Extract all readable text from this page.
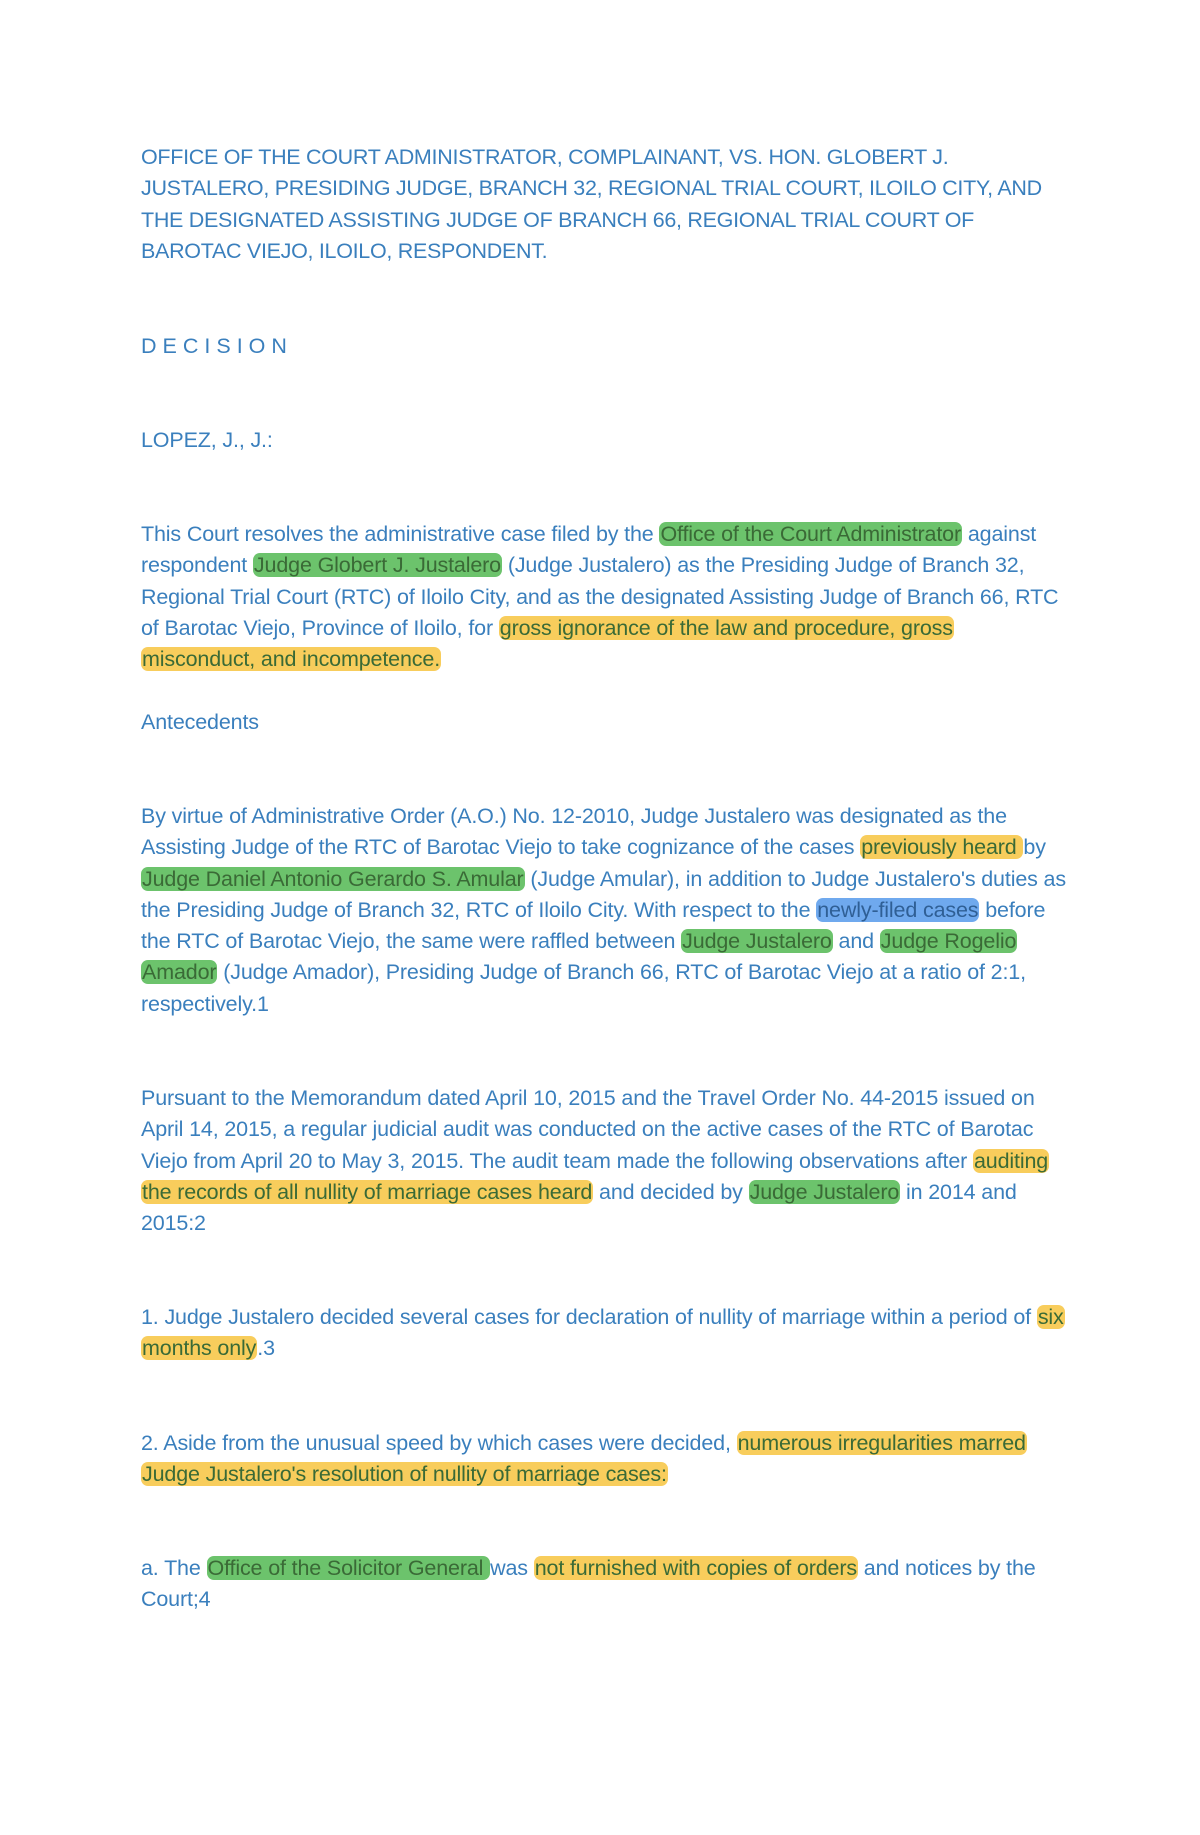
OFFICE OF THE COURT ADMINISTRATOR, COMPLAINANT, VS. HON. GLOBERT J. JUSTALERO, PRESIDING JUDGE, BRANCH 32, REGIONAL TRIAL COURT, ILOILO CITY, AND THE DESIGNATED ASSISTING JUDGE OF BRANCH 66, REGIONAL TRIAL COURT OF BAROTAC VIEJO, ILOILO, RESPONDENT.

DECISION

LOPEZ, J., J.:

This Court resolves the administrative case filed by the Office of the Court Administrator against respondent Judge Globert J. Justalero (Judge Justalero) as the Presiding Judge of Branch 32, Regional Trial Court (RTC) of Iloilo City, and as the designated Assisting Judge of Branch 66, RTC of Barotac Viejo, Province of Iloilo, for gross ignorance of the law and procedure, gross misconduct, and incompetence.

Antecedents

By virtue of Administrative Order (A.O.) No. 12-2010, Judge Justalero was designated as the Assisting Judge of the RTC of Barotac Viejo to take cognizance of the cases previously heard by Judge Daniel Antonio Gerardo S. Amular (Judge Amular), in addition to Judge Justalero's duties as the Presiding Judge of Branch 32, RTC of Iloilo City. With respect to the newly-filed cases before the RTC of Barotac Viejo, the same were raffled between Judge Justalero and Judge Rogelio Amador (Judge Amador), Presiding Judge of Branch 66, RTC of Barotac Viejo at a ratio of 2:1, respectively.1

Pursuant to the Memorandum dated April 10, 2015 and the Travel Order No. 44-2015 issued on April 14, 2015, a regular judicial audit was conducted on the active cases of the RTC of Barotac Viejo from April 20 to May 3, 2015. The audit team made the following observations after auditing the records of all nullity of marriage cases heard and decided by Judge Justalero in 2014 and 2015:2

1. Judge Justalero decided several cases for declaration of nullity of marriage within a period of six months only.3

2. Aside from the unusual speed by which cases were decided, numerous irregularities marred Judge Justalero's resolution of nullity of marriage cases:

a. The Office of the Solicitor General was not furnished with copies of orders and notices by the Court;4
